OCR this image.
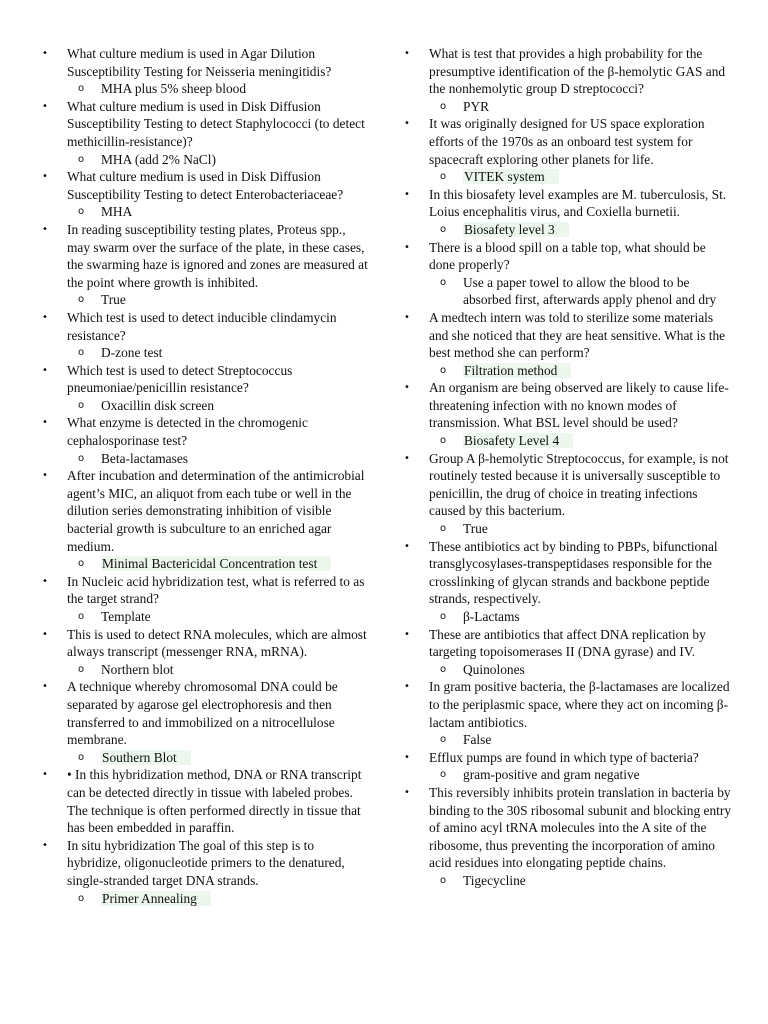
• What culture medium is used in Agar Dilution Susceptibility Testing for Neisseria meningitidis?

o MHA plus 5% sheep blood

• What culture medium is used in Disk Diffusion Susceptibility Testing to detect Staphylococci (to detect methicillin-resistance)?

o MHA (add 2% NaCl)

• What culture medium is used in Disk Diffusion Susceptibility Testing to detect Enterobacteriaceae?

o MHA

• In reading susceptibility testing plates, Proteus spp., may swarm over the surface of the plate, in these cases, the swarming haze is ignored and zones are measured at the point where growth is inhibited.

o True

• Which test is used to detect inducible clindamycin resistance?

o D-zone test

• Which test is used to detect Streptococcus pneumoniae/penicillin resistance?

o Oxacillin disk screen

• What enzyme is detected in the chromogenic cephalosporinase test?

o Beta-lactamases

• After incubation and determination of the antimicrobial agent’s MIC, an aliquot from each tube or well in the dilution series demonstrating inhibition of visible bacterial growth is subculture to an enriched agar medium.

o Minimal Bactericidal Concentration test

• In Nucleic acid hybridization test, what is referred to as the target strand?

o Template

• This is used to detect RNA molecules, which are almost always transcript (messenger RNA, mRNA).

o Northern blot

• A technique whereby chromosomal DNA could be separated by agarose gel electrophoresis and then transferred to and immobilized on a nitrocellulose membrane.

o Southern Blot

• • In this hybridization method, DNA or RNA transcript can be detected directly in tissue with labeled probes. The technique is often performed directly in tissue that has been embedded in paraffin.

• In situ hybridization The goal of this step is to hybridize, oligonucleotide primers to the denatured, single-stranded target DNA strands.

o Primer Annealing

• What is test that provides a high probability for the presumptive identification of the β-hemolytic GAS and the nonhemolytic group D streptococci?

o PYR

• It was originally designed for US space exploration efforts of the 1970s as an onboard test system for spacecraft exploring other planets for life.

o VITEK system

• In this biosafety level examples are M. tuberculosis, St. Loius encephalitis virus, and Coxiella burnetii.

o Biosafety level 3

• There is a blood spill on a table top, what should be done properly?

o Use a paper towel to allow the blood to be absorbed first, afterwards apply phenol and dry

• A medtech intern was told to sterilize some materials and she noticed that they are heat sensitive. What is the best method she can perform?

o Filtration method

• An organism are being observed are likely to cause life-threatening infection with no known modes of transmission. What BSL level should be used?

o Biosafety Level 4

• Group A β-hemolytic Streptococcus, for example, is not routinely tested because it is universally susceptible to penicillin, the drug of choice in treating infections caused by this bacterium.

o True

• These antibiotics act by binding to PBPs, bifunctional transglycosylases-transpeptidases responsible for the crosslinking of glycan strands and backbone peptide strands, respectively.

o β-Lactams

• These are antibiotics that affect DNA replication by targeting topoisomerases II (DNA gyrase) and IV.

o Quinolones

• In gram positive bacteria, the β-lactamases are localized to the periplasmic space, where they act on incoming β-lactam antibiotics.

o False

• Efflux pumps are found in which type of bacteria?

o gram-positive and gram negative

• This reversibly inhibits protein translation in bacteria by binding to the 30S ribosomal subunit and blocking entry of amino acyl tRNA molecules into the A site of the ribosome, thus preventing the incorporation of amino acid residues into elongating peptide chains.

o Tigecycline
